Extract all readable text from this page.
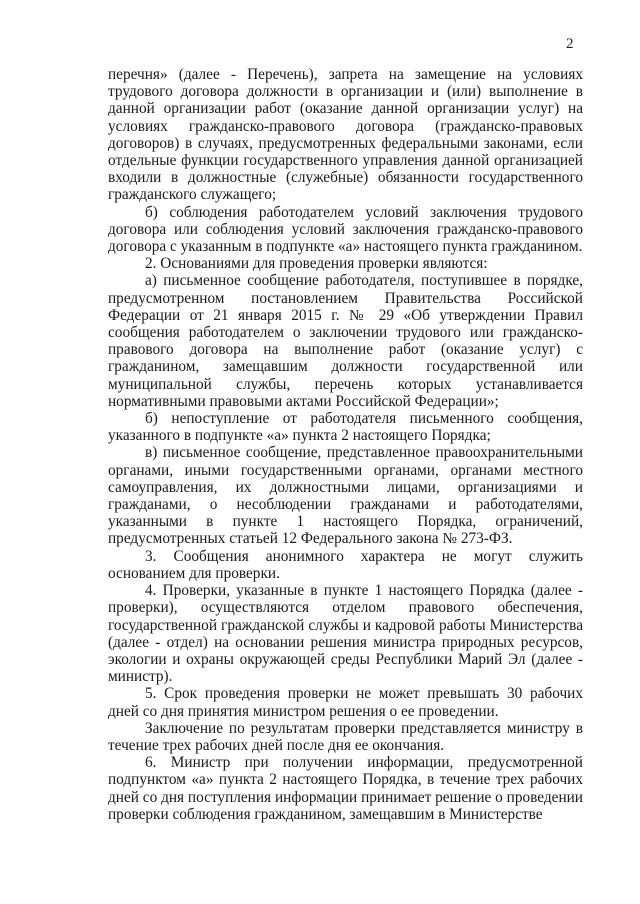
2

перечня» (далее - Перечень), запрета на замещение на условиях трудового договора должности в организации и (или) выполнение в данной организации работ (оказание данной организации услуг) на условиях гражданско-правового договора (гражданско-правовых договоров) в случаях, предусмотренных федеральными законами, если отдельные функции государственного управления данной организацией входили в должностные (служебные) обязанности государственного гражданского служащего;

б) соблюдения работодателем условий заключения трудового договора или соблюдения условий заключения гражданско-правового договора с указанным в подпункте «а» настоящего пункта гражданином.

2. Основаниями для проведения проверки являются:

а) письменное сообщение работодателя, поступившее в порядке, предусмотренном постановлением Правительства Российской Федерации от 21 января 2015 г. № 29 «Об утверждении Правил сообщения работодателем о заключении трудового или гражданско-правового договора на выполнение работ (оказание услуг) с гражданином, замещавшим должности государственной или муниципальной службы, перечень которых устанавливается нормативными правовыми актами Российской Федерации»;

б) непоступление от работодателя письменного сообщения, указанного в подпункте «а» пункта 2 настоящего Порядка;

в) письменное сообщение, представленное правоохранительными органами, иными государственными органами, органами местного самоуправления, их должностными лицами, организациями и гражданами, о несоблюдении гражданами и работодателями, указанными в пункте 1 настоящего Порядка, ограничений, предусмотренных статьей 12 Федерального закона № 273-ФЗ.

3. Сообщения анонимного характера не могут служить основанием для проверки.

4. Проверки, указанные в пункте 1 настоящего Порядка (далее - проверки), осуществляются отделом правового обеспечения, государственной гражданской службы и кадровой работы Министерства (далее - отдел) на основании решения министра природных ресурсов, экологии и охраны окружающей среды Республики Марий Эл (далее - министр).

5. Срок проведения проверки не может превышать 30 рабочих дней со дня принятия министром решения о ее проведении.

Заключение по результатам проверки представляется министру в течение трех рабочих дней после дня ее окончания.

6. Министр при получении информации, предусмотренной подпунктом «а» пункта 2 настоящего Порядка, в течение трех рабочих дней со дня поступления информации принимает решение о проведении проверки соблюдения гражданином, замещавшим в Министерстве
